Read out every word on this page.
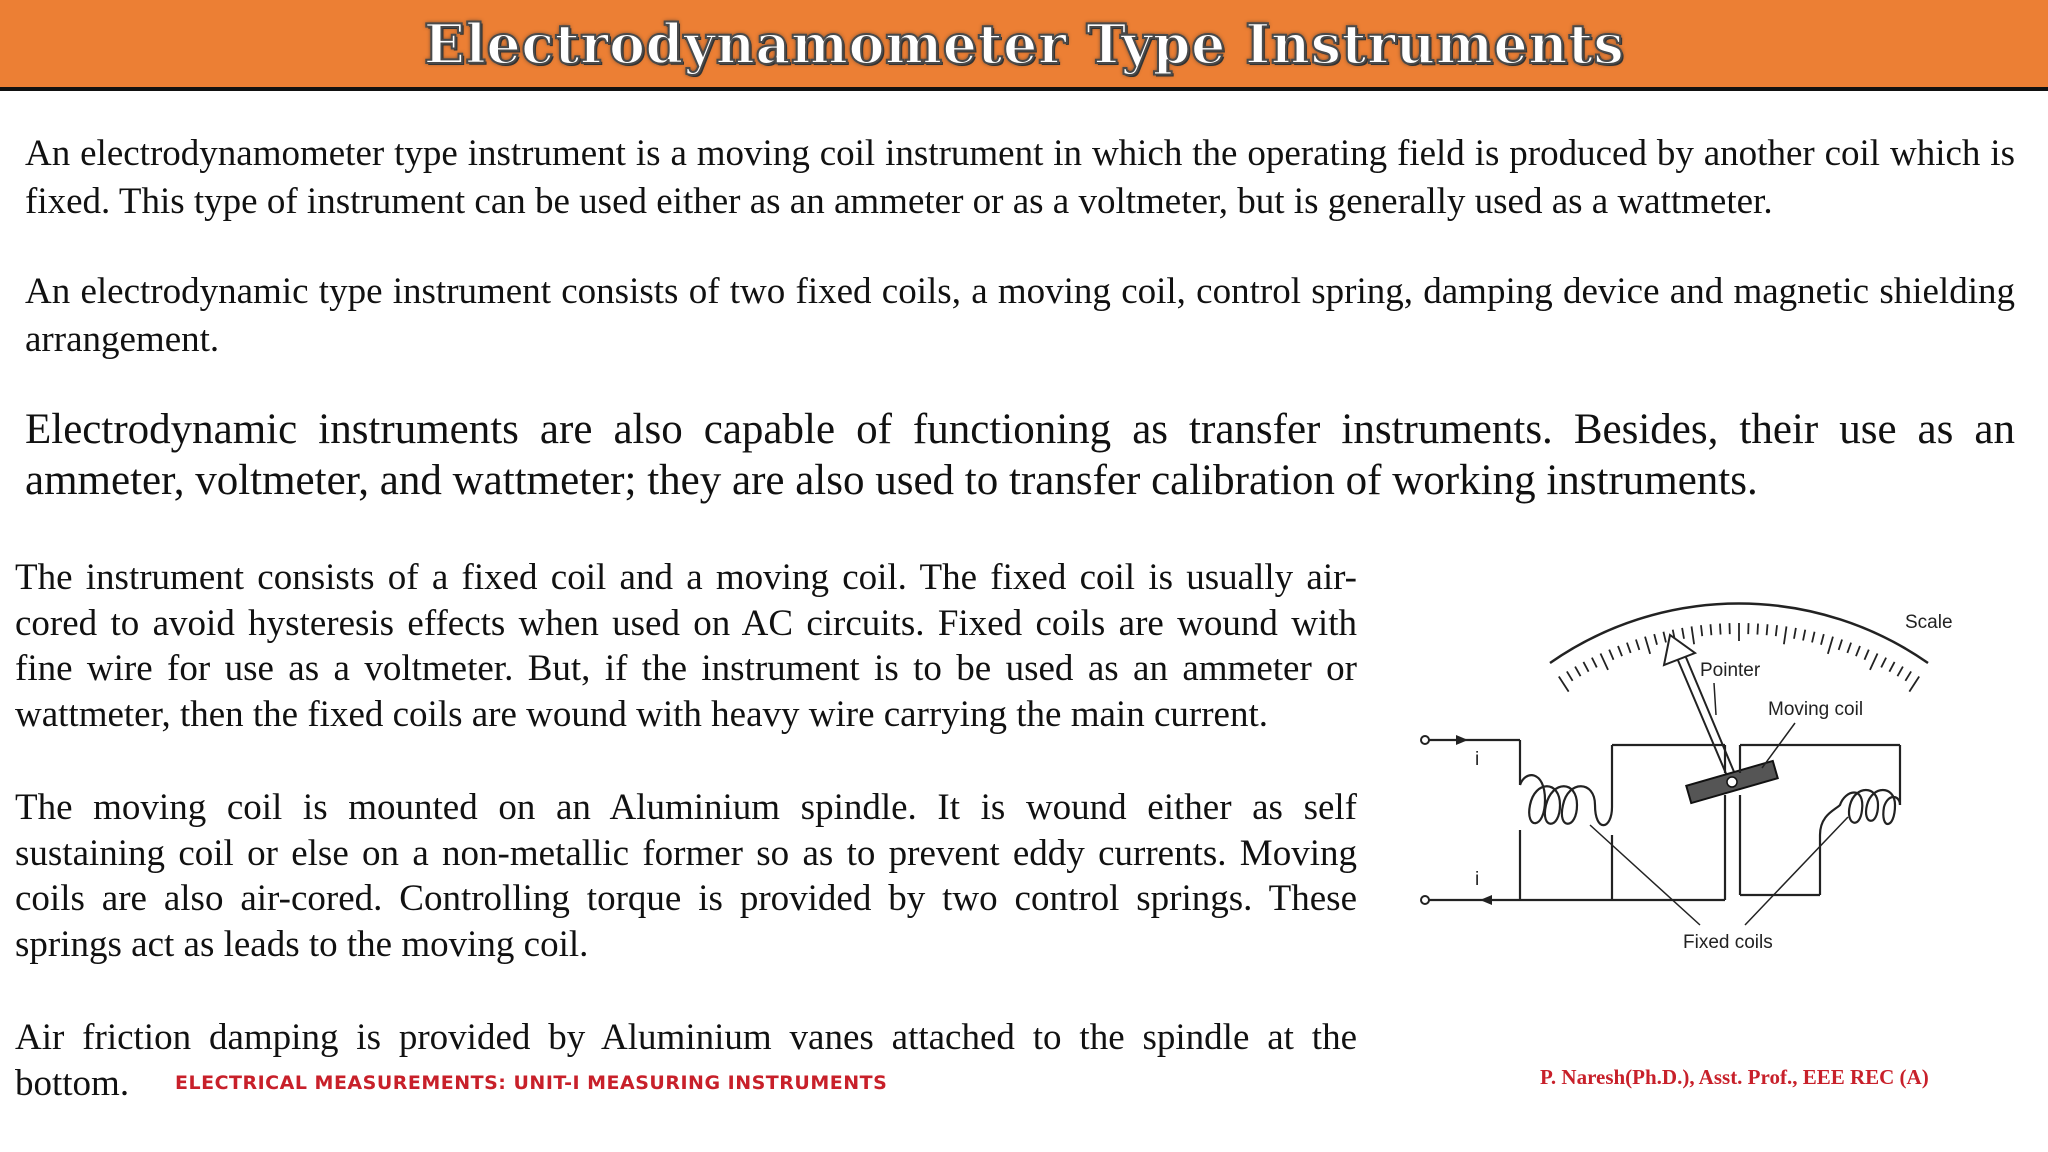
Electrodynamometer Type Instruments

An electrodynamometer type instrument is a moving coil instrument in which the operating field is produced by another coil which is fixed. This type of instrument can be used either as an ammeter or as a voltmeter, but is generally used as a wattmeter.

An electrodynamic type instrument consists of two fixed coils, a moving coil, control spring, damping device and magnetic shielding arrangement.

Electrodynamic instruments are also capable of functioning as transfer instruments. Besides, their use as an ammeter, voltmeter, and wattmeter; they are also used to transfer calibration of working instruments.

The instrument consists of a fixed coil and a moving coil. The fixed coil is usually air-cored to avoid hysteresis effects when used on AC circuits. Fixed coils are wound with fine wire for use as a voltmeter. But, if the instrument is to be used as an ammeter or wattmeter, then the fixed coils are wound with heavy wire carrying the main current.

The moving coil is mounted on an Aluminium spindle. It is wound either as self sustaining coil or else on a non-metallic former so as to prevent eddy currents. Moving coils are also air-cored. Controlling torque is provided by two control springs. These springs act as leads to the moving coil.

Air friction damping is provided by Aluminium vanes attached to the spindle at the bottom.	ELECTRICAL MEASUREMENTS: UNIT-I MEASURING INSTRUMENTS	P. Naresh(Ph.D.), Asst. Prof., EEE REC (A)
Scale
Pointer
Moving coil
i
i
Fixed coils
